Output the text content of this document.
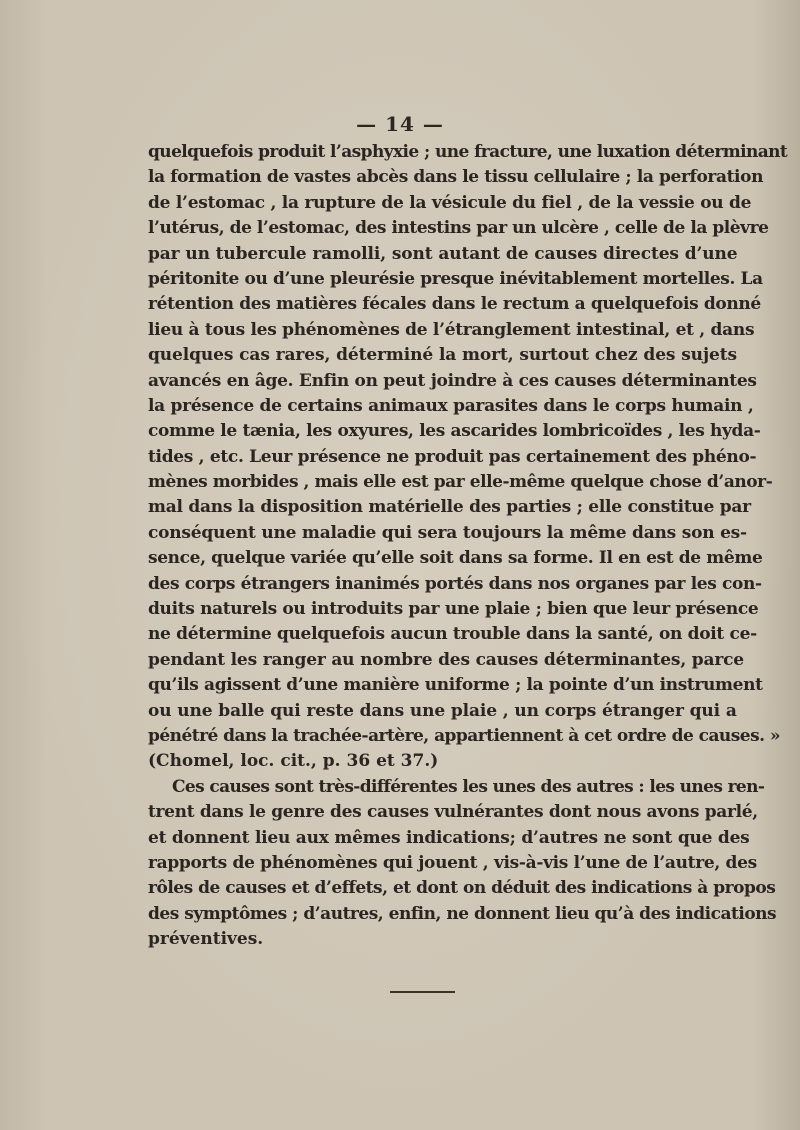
— 14 —
quelquefois produit l’asphyxie ; une fracture, une luxation déterminant
la formation de vastes abcès dans le tissu cellulaire ; la perforation
de l’estomac , la rupture de la vésicule du fiel , de la vessie ou de
l’utérus, de l’estomac, des intestins par un ulcère , celle de la plèvre
par un tubercule ramolli, sont autant de causes directes d’une
péritonite ou d’une pleurésie presque inévitablement mortelles. La
rétention des matières fécales dans le rectum a quelquefois donné
lieu à tous les phénomènes de l’étranglement intestinal, et , dans
quelques cas rares, déterminé la mort, surtout chez des sujets
avancés en âge. Enfin on peut joindre à ces causes déterminantes
la présence de certains animaux parasites dans le corps humain ,
comme le tænia, les oxyures, les ascarides lombricoïdes , les hyda-
tides , etc. Leur présence ne produit pas certainement des phéno-
mènes morbides , mais elle est par elle-même quelque chose d’anor-
mal dans la disposition matérielle des parties ; elle constitue par
conséquent une maladie qui sera toujours la même dans son es-
sence, quelque variée qu’elle soit dans sa forme. Il en est de même
des corps étrangers inanimés portés dans nos organes par les con-
duits naturels ou introduits par une plaie ; bien que leur présence
ne détermine quelquefois aucun trouble dans la santé, on doit ce-
pendant les ranger au nombre des causes déterminantes, parce
qu’ils agissent d’une manière uniforme ; la pointe d’un instrument
ou une balle qui reste dans une plaie , un corps étranger qui a
pénétré dans la trachée-artère, appartiennent à cet ordre de causes. »
(Chomel, loc. cit., p. 36 et 37.)
Ces causes sont très-différentes les unes des autres : les unes ren-
trent dans le genre des causes vulnérantes dont nous avons parlé,
et donnent lieu aux mêmes indications; d’autres ne sont que des
rapports de phénomènes qui jouent , vis-à-vis l’une de l’autre, des
rôles de causes et d’effets, et dont on déduit des indications à propos
des symptômes ; d’autres, enfin, ne donnent lieu qu’à des indications
préventives.
